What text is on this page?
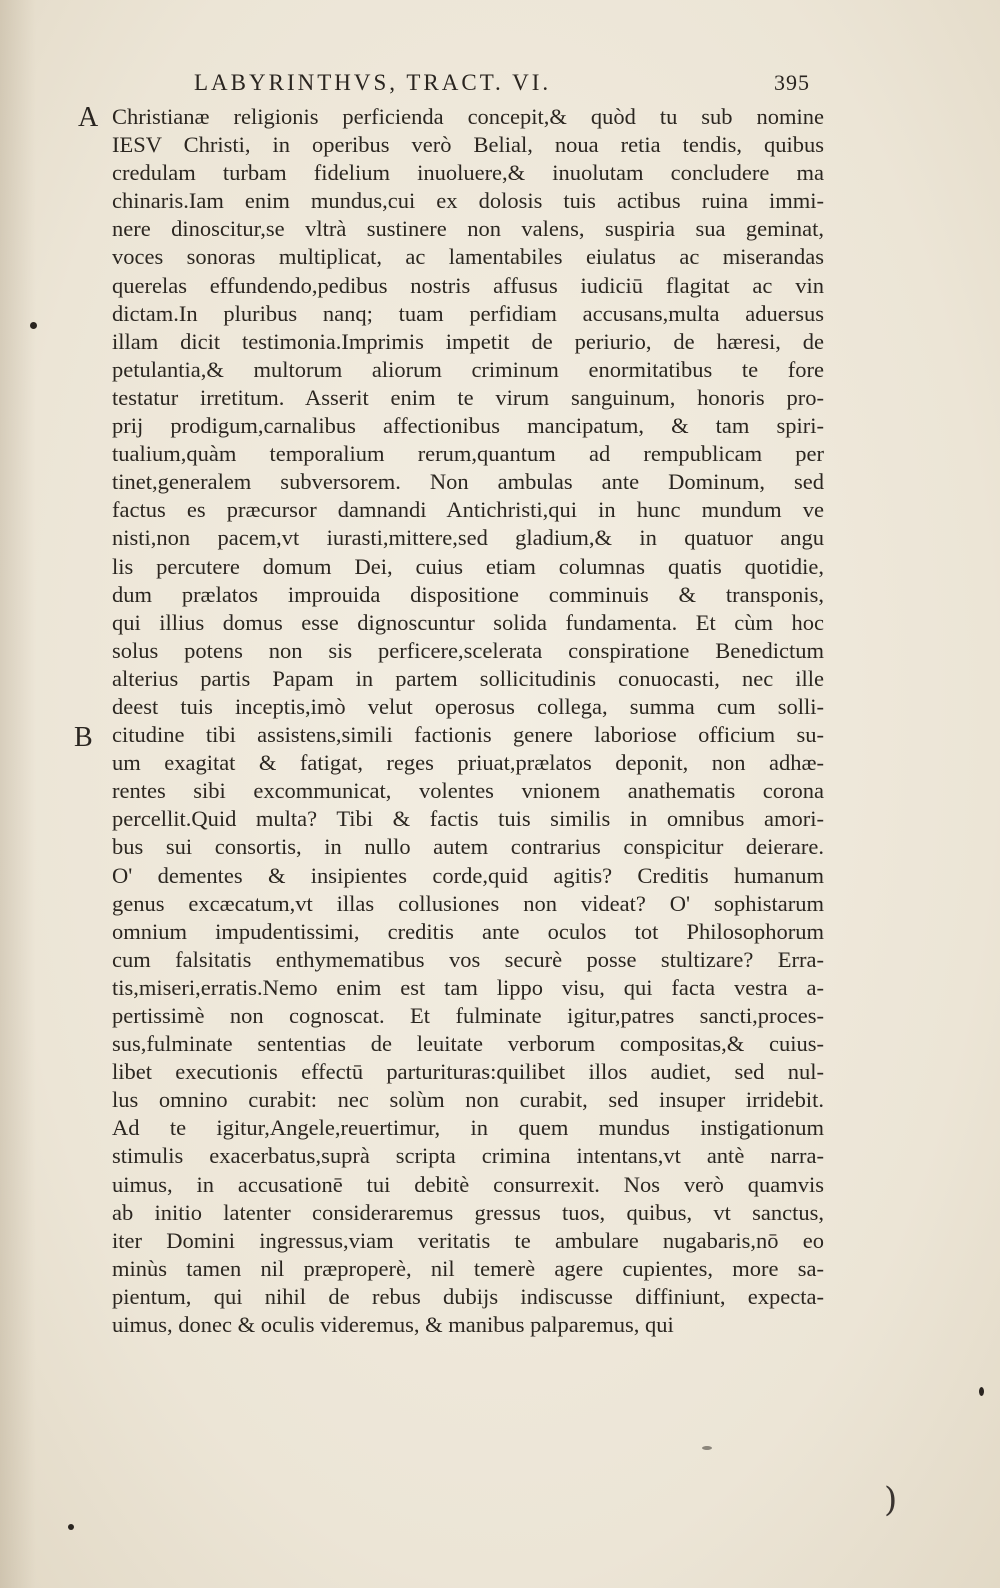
LABYRINTHVS, TRACT. VI.	395
A
B
)
Christianæ religionis perficienda concepit,& quòd tu sub nomine
IESV Christi, in operibus verò Belial, noua retia tendis, quibus
credulam turbam fidelium inuoluere,& inuolutam concludere ma
chinaris.Iam enim mundus,cui ex dolosis tuis actibus ruina immi-
nere dinoscitur,se vltrà sustinere non valens, suspiria sua geminat,
voces sonoras multiplicat, ac lamentabiles eiulatus ac miserandas
querelas effundendo,pedibus nostris affusus iudiciū flagitat ac vin
dictam.In pluribus nanq; tuam perfidiam accusans,multa aduersus
illam dicit testimonia.Imprimis impetit de periurio, de hæresi, de
petulantia,& multorum aliorum criminum enormitatibus te fore
testatur irretitum. Asserit enim te virum sanguinum, honoris pro-
prij prodigum,carnalibus affectionibus mancipatum, & tam spiri-
tualium,quàm temporalium rerum,quantum ad rempublicam per
tinet,generalem subversorem. Non ambulas ante Dominum, sed
factus es præcursor damnandi Antichristi,qui in hunc mundum ve
nisti,non pacem,vt iurasti,mittere,sed gladium,& in quatuor angu
lis percutere domum Dei, cuius etiam columnas quatis quotidie,
dum prælatos improuida dispositione comminuis & transponis,
qui illius domus esse dignoscuntur solida fundamenta. Et cùm hoc
solus potens non sis perficere,scelerata conspiratione Benedictum
alterius partis Papam in partem sollicitudinis conuocasti, nec ille
deest tuis inceptis,imò velut operosus collega, summa cum solli-
citudine tibi assistens,simili factionis genere laboriose officium su-
um exagitat & fatigat, reges priuat,prælatos deponit, non adhæ-
rentes sibi excommunicat, volentes vnionem anathematis corona
percellit.Quid multa? Tibi & factis tuis similis in omnibus amori-
bus sui consortis, in nullo autem contrarius conspicitur deierare.
O' dementes & insipientes corde,quid agitis? Creditis humanum
genus excæcatum,vt illas collusiones non videat? O' sophistarum
omnium impudentissimi, creditis ante oculos tot Philosophorum
cum falsitatis enthymematibus vos securè posse stultizare? Erra-
tis,miseri,erratis.Nemo enim est tam lippo visu, qui facta vestra a-
pertissimè non cognoscat. Et fulminate igitur,patres sancti,proces-
sus,fulminate sententias de leuitate verborum compositas,& cuius-
libet executionis effectū parturituras:quilibet illos audiet, sed nul-
lus omnino curabit: nec solùm non curabit, sed insuper irridebit.
Ad te igitur,Angele,reuertimur, in quem mundus instigationum
stimulis exacerbatus,suprà scripta crimina intentans,vt antè narra-
uimus, in accusationē tui debitè consurrexit. Nos verò quamvis
ab initio latenter consideraremus gressus tuos, quibus, vt sanctus,
iter Domini ingressus,viam veritatis te ambulare nugabaris,nō eo
minùs tamen nil præproperè, nil temerè agere cupientes, more sa-
pientum, qui nihil de rebus dubijs indiscusse diffiniunt, expecta-
uimus, donec & oculis videremus, & manibus palparemus, qui
